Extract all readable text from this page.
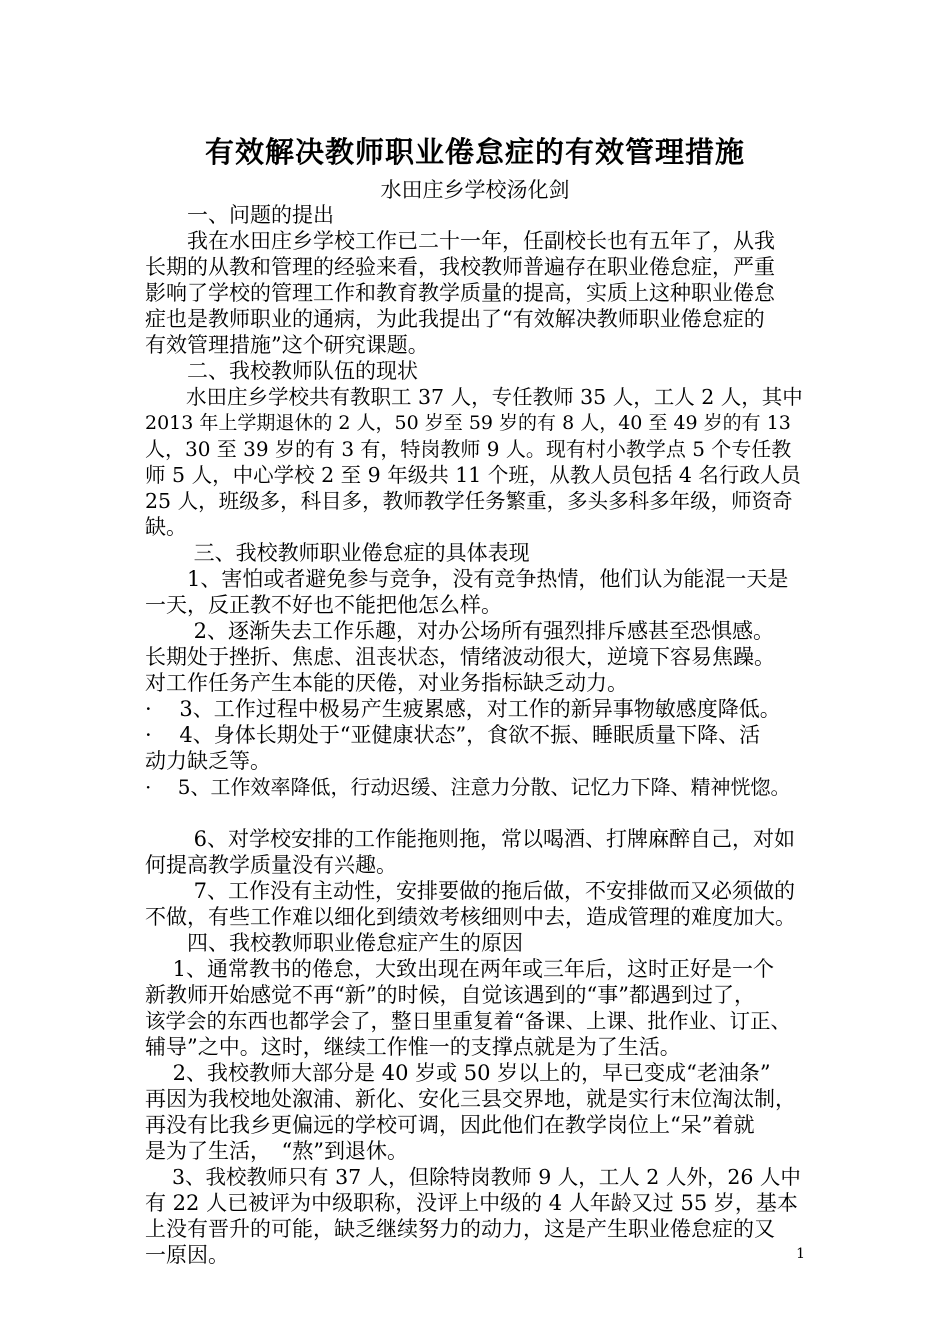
有效解决教师职业倦怠症的有效管理措施
水田庄乡学校汤化剑
　　一、问题的提出
　　我在水田庄乡学校工作已二十一年，任副校长也有五年了，从我
长期的从教和管理的经验来看，我校教师普遍存在职业倦怠症，严重
影响了学校的管理工作和教育教学质量的提高，实质上这种职业倦怠
症也是教师职业的通病，为此我提出了“有效解决教师职业倦怠症的
有效管理措施”这个研究课题。
　　二、我校教师队伍的现状
　　水田庄乡学校共有教职工 37 人，专任教师 35 人，工人 2 人，其中
2013 年上学期退休的 2 人，50 岁至 59 岁的有 8 人，40 至 49 岁的有 13
人，30 至 39 岁的有 3 有，特岗教师 9 人。现有村小教学点 5 个专任教
师 5 人，中心学校 2 至 9 年级共 11 个班，从教人员包括 4 名行政人员
25 人，班级多，科目多，教师教学任务繁重，多头多科多年级，师资奇
缺。
　　 三、我校教师职业倦怠症的具体表现
　　1、害怕或者避免参与竞争，没有竞争热情，他们认为能混一天是
一天，反正教不好也不能把他怎么样。
　　 2、逐渐失去工作乐趣，对办公场所有强烈排斥感甚至恐惧感。
长期处于挫折、焦虑、沮丧状态，情绪波动很大，逆境下容易焦躁。
对工作任务产生本能的厌倦，对业务指标缺乏动力。
·　 3、工作过程中极易产生疲累感，对工作的新异事物敏感度降低。
·　 4、身体长期处于“亚健康状态”，食欲不振、睡眠质量下降、活
动力缺乏等。
·　 5、工作效率降低，行动迟缓、注意力分散、记忆力下降、精神恍惚。
　　 6、对学校安排的工作能拖则拖，常以喝酒、打牌麻醉自己，对如
何提高教学质量没有兴趣。
　　 7、工作没有主动性，安排要做的拖后做，不安排做而又必须做的
不做，有些工作难以细化到绩效考核细则中去，造成管理的难度加大。
　　四、我校教师职业倦怠症产生的原因
　 1、通常教书的倦怠，大致出现在两年或三年后，这时正好是一个
新教师开始感觉不再“新”的时候，自觉该遇到的“事”都遇到过了，
该学会的东西也都学会了，整日里重复着“备课、上课、批作业、订正、
辅导”之中。这时，继续工作惟一的支撑点就是为了生活。
　 2、我校教师大部分是 40 岁或 50 岁以上的，早已变成“老油条”
再因为我校地处溆浦、新化、安化三县交界地，就是实行末位淘汰制，
再没有比我乡更偏远的学校可调，因此他们在教学岗位上“呆”着就
是为了生活，　“熬”到退休。
　 3、我校教师只有 37 人，但除特岗教师 9 人，工人 2 人外，26 人中
有 22 人已被评为中级职称，没评上中级的 4 人年龄又过 55 岁，基本
上没有晋升的可能，缺乏继续努力的动力，这是产生职业倦怠症的又
一原因。	1
